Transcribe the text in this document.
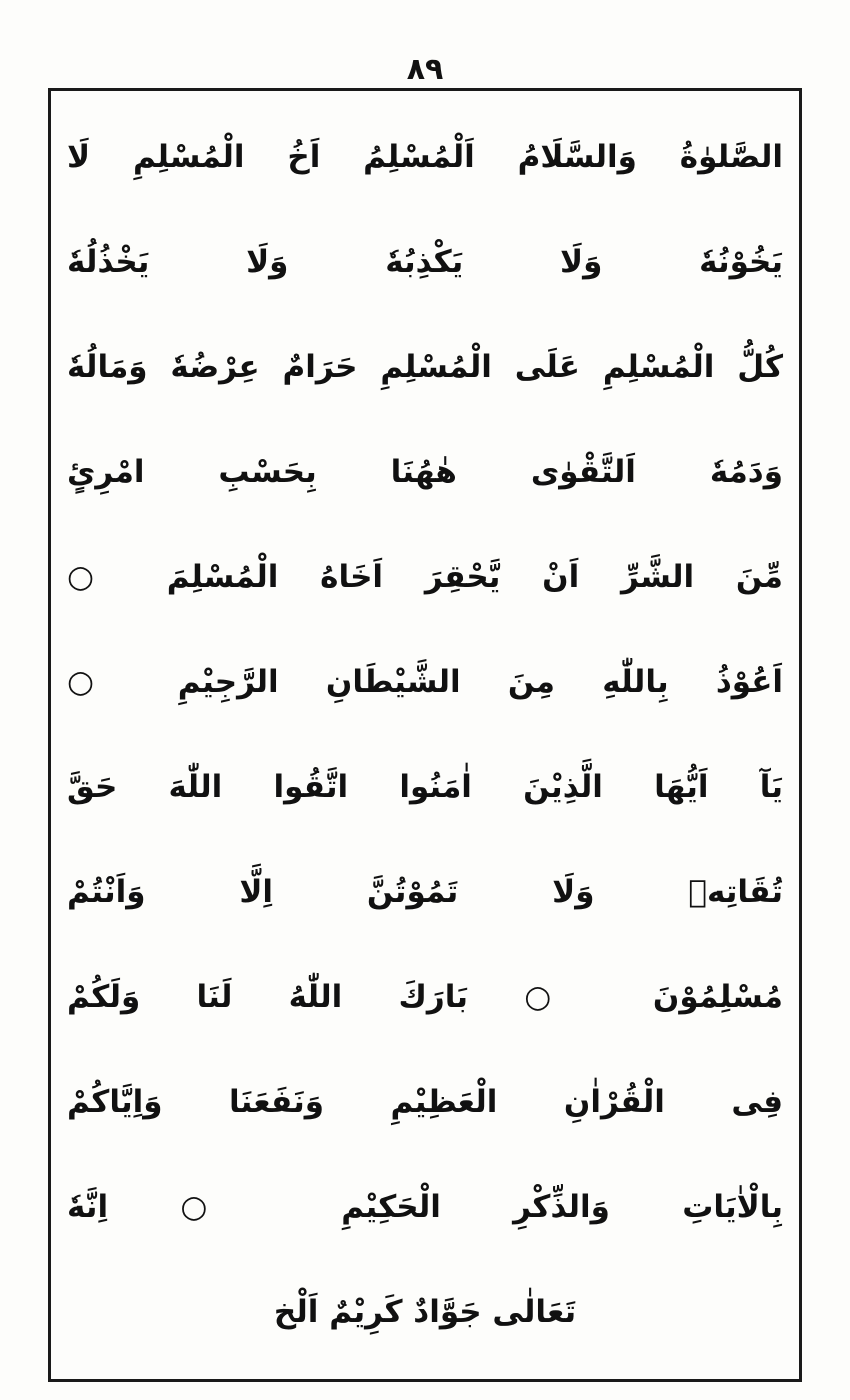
۸۹
الصَّلوٰةُ وَالسَّلَامُ اَلْمُسْلِمُ اَخُ الْمُسْلِمِ لَا
يَخُوْنُهٗ وَلَا يَكْذِبُهٗ وَلَا يَخْذُلُهٗ
كُلُّ الْمُسْلِمِ عَلَى الْمُسْلِمِ حَرَامٌ عِرْضُهٗ وَمَالُهٗ
وَدَمُهٗ اَلتَّقْوٰى هٰهُنَا بِحَسْبِ امْرِئٍ
مِّنَ الشَّرِّ اَنْ يَّحْقِرَ اَخَاهُ الْمُسْلِمَ ○
اَعُوْذُ بِاللّٰهِ مِنَ الشَّيْطَانِ الرَّجِيْمِ ○
يَآ اَيُّهَا الَّذِيْنَ اٰمَنُوا اتَّقُوا اللّٰهَ حَقَّ
تُقَاتِهٖ وَلَا تَمُوْتُنَّ اِلَّا وَاَنْتُمْ
مُسْلِمُوْنَ ○ بَارَكَ اللّٰهُ لَنَا وَلَكُمْ
فِى الْقُرْاٰنِ الْعَظِيْمِ وَنَفَعَنَا وَاِيَّاكُمْ
بِالْاٰيَاتِ وَالذِّكْرِ الْحَكِيْمِ ○ اِنَّهٗ
تَعَالٰى جَوَّادٌ كَرِيْمٌ اَلْخ
